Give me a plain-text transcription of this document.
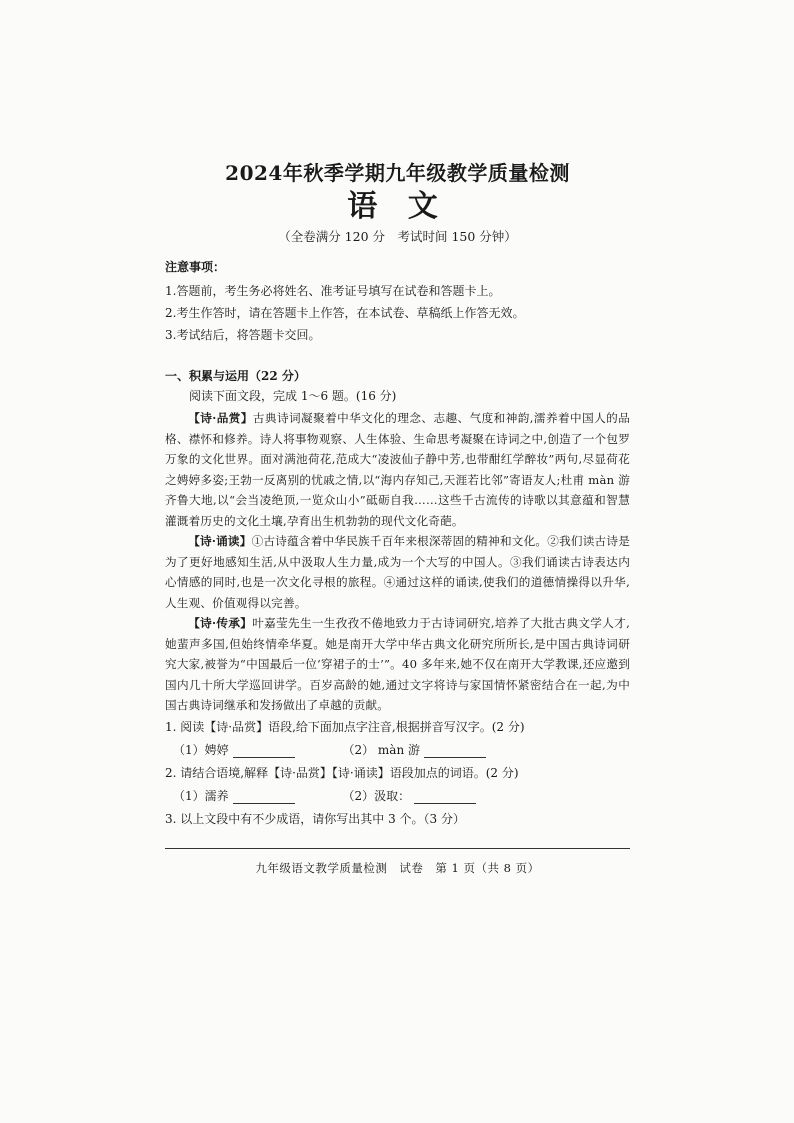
2024年秋季学期九年级教学质量检测
语 文

（全卷满分 120 分　考试时间 150 分钟）

注意事项：

1.答题前，考生务必将姓名、准考证号填写在试卷和答题卡上。

2.考生作答时，请在答题卡上作答，在本试卷、草稿纸上作答无效。

3.考试结后，将答题卡交回。

一、积累与运用（22 分）

阅读下面文段，完成 1～6 题。(16 分)

【诗·品赏】古典诗词凝聚着中华文化的理念、志趣、气度和神韵,濡养着中国人的品格、襟怀和修养。诗人将事物观察、人生体验、生命思考凝聚在诗词之中,创造了一个包罗万象的文化世界。面对满池荷花,范成大“凌波仙子静中芳,也带酣红学醉妆”两句,尽显荷花之娉婷多姿;王勃一反离别的忧戚之情,以“海内存知己,天涯若比邻”寄语友人;杜甫 màn 游齐鲁大地,以“会当凌绝顶,一览众山小”砥砺自我……这些千古流传的诗歌以其意蕴和智慧灌溉着历史的文化土壤,孕育出生机勃勃的现代文化奇葩。

【诗·诵读】①古诗蕴含着中华民族千百年来根深蒂固的精神和文化。②我们读古诗是为了更好地感知生活,从中汲取人生力量,成为一个大写的中国人。③我们诵读古诗表达内心情感的同时,也是一次文化寻根的旅程。④通过这样的诵读,使我们的道德情操得以升华,人生观、价值观得以完善。

【诗·传承】叶嘉莹先生一生孜孜不倦地致力于古诗词研究,培养了大批古典文学人才,她蜚声多国,但始终情牵华夏。她是南开大学中华古典文化研究所所长,是中国古典诗词研究大家,被誉为“中国最后一位‘穿裙子的士’”。40 多年来,她不仅在南开大学教课,还应邀到国内几十所大学巡回讲学。百岁高龄的她,通过文字将诗与家国情怀紧密结合在一起,为中国古典诗词继承和发扬做出了卓越的贡献。

1. 阅读【诗·品赏】语段,给下面加点字注音,根据拼音写汉字。(2 分)

（1）娉婷	（2） màn 游

2. 请结合语境,解释【诗·品赏】【诗·诵读】语段加点的词语。(2 分)

（1）濡养	（2）汲取：

3. 以上文段中有不少成语，请你写出其中 3 个。（3 分）

九年级语文教学质量检测　试卷　第 1 页（共 8 页）
